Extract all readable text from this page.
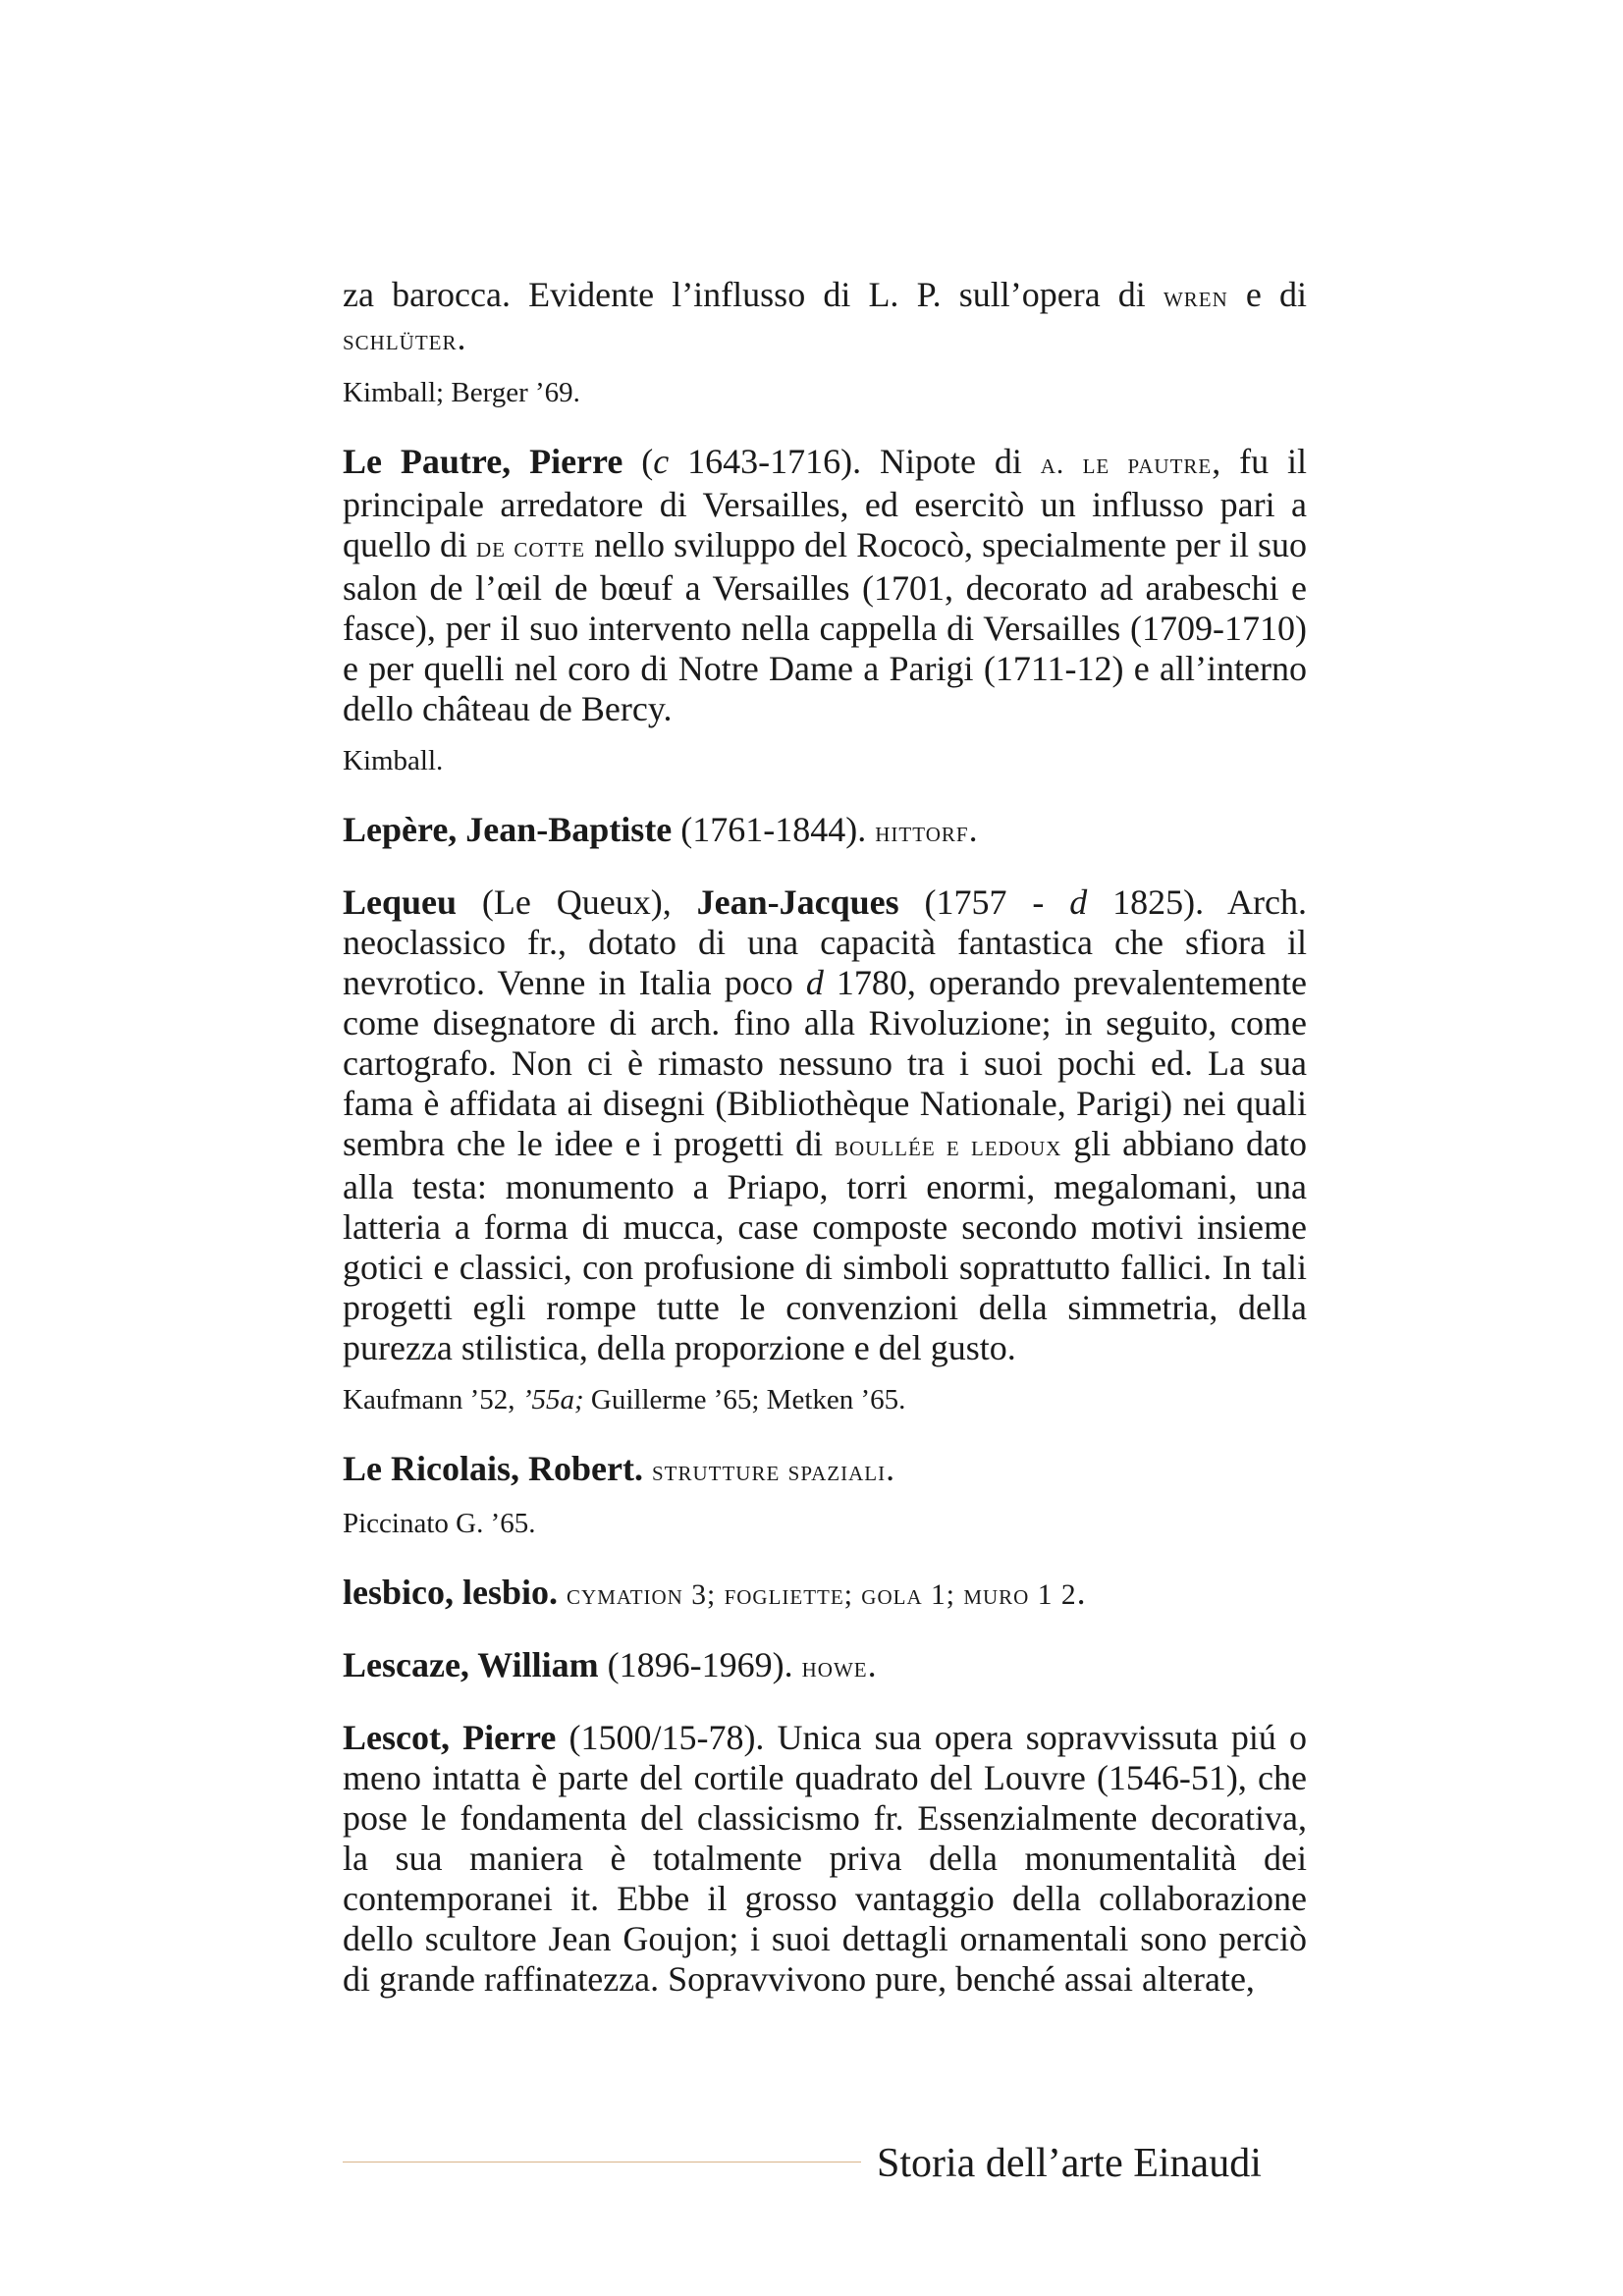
za barocca. Evidente l’influsso di L. P. sull’opera di wren e di schlüter.

Kimball; Berger ’69.

Le Pautre, Pierre (c 1643-1716). Nipote di a. le pautre, fu il principale arredatore di Versailles, ed esercitò un influsso pari a quello di de cotte nello sviluppo del Rococò, specialmente per il suo salon de l’œil de bœuf a Versailles (1701, decorato ad arabeschi e fasce), per il suo intervento nella cappella di Versailles (1709-1710) e per quelli nel coro di Notre Dame a Parigi (1711-12) e all’interno dello château de Bercy.

Kimball.

Lepère, Jean-Baptiste (1761-1844). hittorf.

Lequeu (Le Queux), Jean-Jacques (1757 - d 1825). Arch. neoclassico fr., dotato di una capacità fantastica che sfiora il nevrotico. Venne in Italia poco d 1780, operando prevalentemente come disegnatore di arch. fino alla Rivoluzione; in seguito, come cartografo. Non ci è rimasto nessuno tra i suoi pochi ed. La sua fama è affidata ai disegni (Bibliothèque Nationale, Parigi) nei quali sembra che le idee e i progetti di boullée e ledoux gli abbiano dato alla testa: monumento a Priapo, torri enormi, megalomani, una latteria a forma di mucca, case composte secondo motivi insieme gotici e classici, con profusione di simboli soprattutto fallici. In tali progetti egli rompe tutte le convenzioni della simmetria, della purezza stilistica, della proporzione e del gusto.

Kaufmann ’52, ’55a; Guillerme ’65; Metken ’65.

Le Ricolais, Robert. strutture spaziali.

Piccinato G. ’65.

lesbico, lesbio. cymation 3; fogliette; gola 1; muro 1 2.

Lescaze, William (1896-1969). howe.

Lescot, Pierre (1500/15-78). Unica sua opera sopravvissuta piú o meno intatta è parte del cortile quadrato del Louvre (1546-51), che pose le fondamenta del classicismo fr. Essenzialmente decorativa, la sua maniera è totalmente priva della monumentalità dei contemporanei it. Ebbe il grosso vantaggio della collaborazione dello scultore Jean Goujon; i suoi dettagli ornamentali sono perciò di grande raffinatezza. Sopravvivono pure, benché assai alterate,

Storia dell’arte Einaudi
